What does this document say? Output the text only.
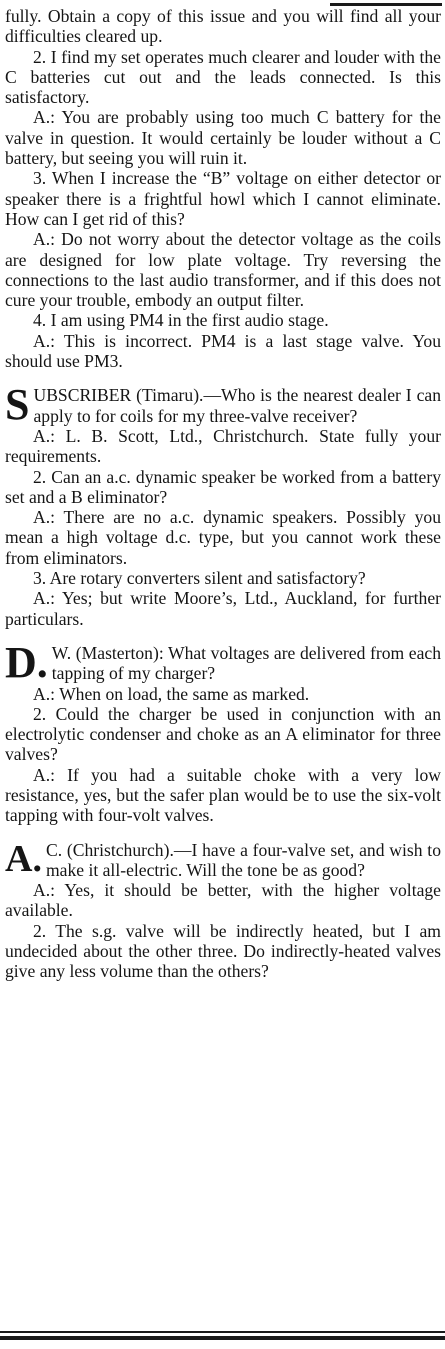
fully. Obtain a copy of this issue and you will find all your difficulties cleared up.

2. I find my set operates much clearer and louder with the C batteries cut out and the leads connected. Is this satisfactory.

A.: You are probably using too much C battery for the valve in question. It would certainly be louder without a C battery, but seeing you will ruin it.

3. When I increase the “B” voltage on either detector or speaker there is a frightful howl which I cannot eliminate. How can I get rid of this?

A.: Do not worry about the detector voltage as the coils are designed for low plate voltage. Try reversing the connections to the last audio transformer, and if this does not cure your trouble, embody an output filter.

4. I am using PM4 in the first audio stage.

A.: This is incorrect. PM4 is a last stage valve. You should use PM3.

SUBSCRIBER (Timaru).—Who is the nearest dealer I can apply to for coils for my three-valve receiver?

A.: L. B. Scott, Ltd., Christchurch. State fully your requirements.

2. Can an a.c. dynamic speaker be worked from a battery set and a B eliminator?

A.: There are no a.c. dynamic speakers. Possibly you mean a high voltage d.c. type, but you cannot work these from eliminators.

3. Are rotary converters silent and satisfactory?

A.: Yes; but write Moore’s, Ltd., Auckland, for further particulars.

D. W. (Masterton): What voltages are delivered from each tapping of my charger?

A.: When on load, the same as marked.

2. Could the charger be used in conjunction with an electrolytic condenser and choke as an A eliminator for three valves?

A.: If you had a suitable choke with a very low resistance, yes, but the safer plan would be to use the six-volt tapping with four-volt valves.

A. C. (Christchurch).—I have a four-valve set, and wish to make it all-electric. Will the tone be as good?

A.: Yes, it should be better, with the higher voltage available.

2. The s.g. valve will be indirectly heated, but I am undecided about the other three. Do indirectly-heated valves give any less volume than the others?
